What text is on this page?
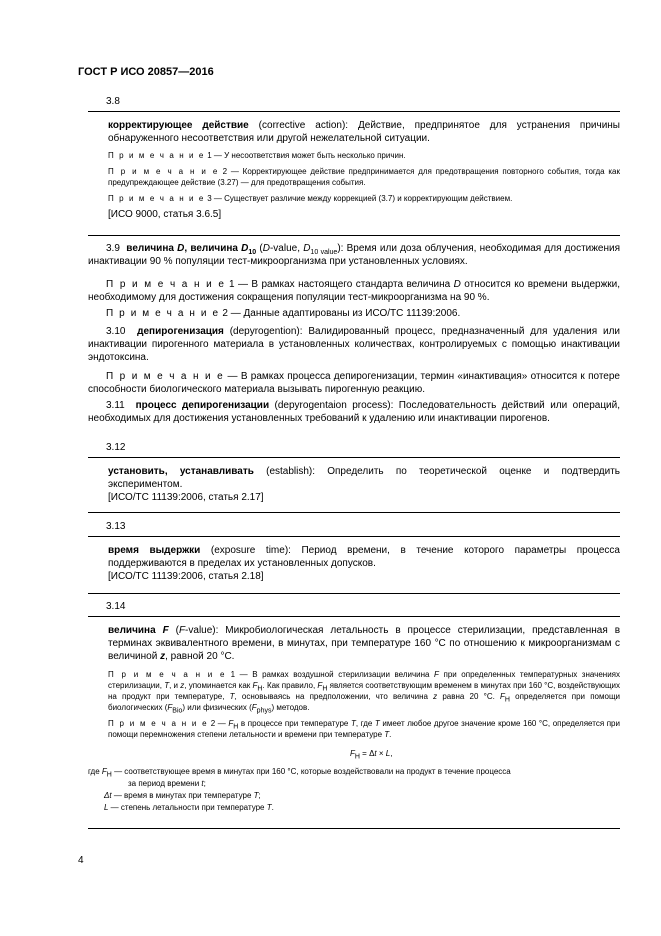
ГОСТ Р ИСО 20857—2016
3.8
корректирующее действие (corrective action): Действие, предпринятое для устранения причины обнаруженного несоответствия или другой нежелательной ситуации.
П р и м е ч а н и е 1 — У несоответствия может быть несколько причин.
П р и м е ч а н и е 2 — Корректирующее действие предпринимается для предотвращения повторного события, тогда как предупреждающее действие (3.27) — для предотвращения события.
П р и м е ч а н и е 3 — Существует различие между коррекцией (3.7) и корректирующим действием.
[ИСО 9000, статья 3.6.5]
3.9 величина D, величина $D_{10}$ (D-value, $D_{10 value}$): Время или доза облучения, необходимая для достижения инактивации 90 % популяции тест-микроорганизма при установленных условиях.
П р и м е ч а н и е 1 — В рамках настоящего стандарта величина D относится ко времени выдержки, необходимому для достижения сокращения популяции тест-микроорганизма на 90 %.
П р и м е ч а н и е 2 — Данные адаптированы из ИСО/ТС 11139:2006.
3.10 депирогенизация (depyrogention): Валидированный процесс, предназначенный для удаления или инактивации пирогенного материала в установленных количествах, контролируемых с помощью инактивации эндотоксина.
П р и м е ч а н и е — В рамках процесса депирогенизации, термин «инактивация» относится к потере способности биологического материала вызывать пирогенную реакцию.
3.11 процесс депирогенизации (depyrogentaion process): Последовательность действий или операций, необходимых для достижения установленных требований к удалению или инактивации пирогенов.
3.12
установить, устанавливать (establish): Определить по теоретической оценке и подтвердить экспериментом.
[ИСО/ТС 11139:2006, статья 2.17]
3.13
время выдержки (exposure time): Период времени, в течение которого параметры процесса поддерживаются в пределах их установленных допусков.
[ИСО/ТС 11139:2006, статья 2.18]
3.14
величина F (F-value): Микробиологическая летальность в процессе стерилизации, представленная в терминах эквивалентного времени, в минутах, при температуре 160 °С по отношению к микроорганизмам с величиной z, равной 20 °С.
П р и м е ч а н и е 1 — В рамках воздушной стерилизации величина F при определенных температурных значениях стерилизации, T, и z, упоминается как $F_H$. Как правило, $F_H$ является соответствующим временем в минутах при 160 °С, воздействующих на продукт при температуре, T, основываясь на предположении, что величина z равна 20 °С. $F_H$ определяется при помощи биологических $(F_{Bio})$ или физических $(F_{phys})$ методов.
П р и м е ч а н и е 2 — $F_H$ в процессе при температуре T, где T имеет любое другое значение кроме 160 °С, определяется при помощи перемножения степени летальности и времени при температуре T.
$F_H = \Delta t \times L$,
где $F_H$ — соответствующее время в минутах при 160 °С, которые воздействовали на продукт в течение процесса
за период времени t;
Δt — время в минутах при температуре T;
L — степень летальности при температуре T.
4
